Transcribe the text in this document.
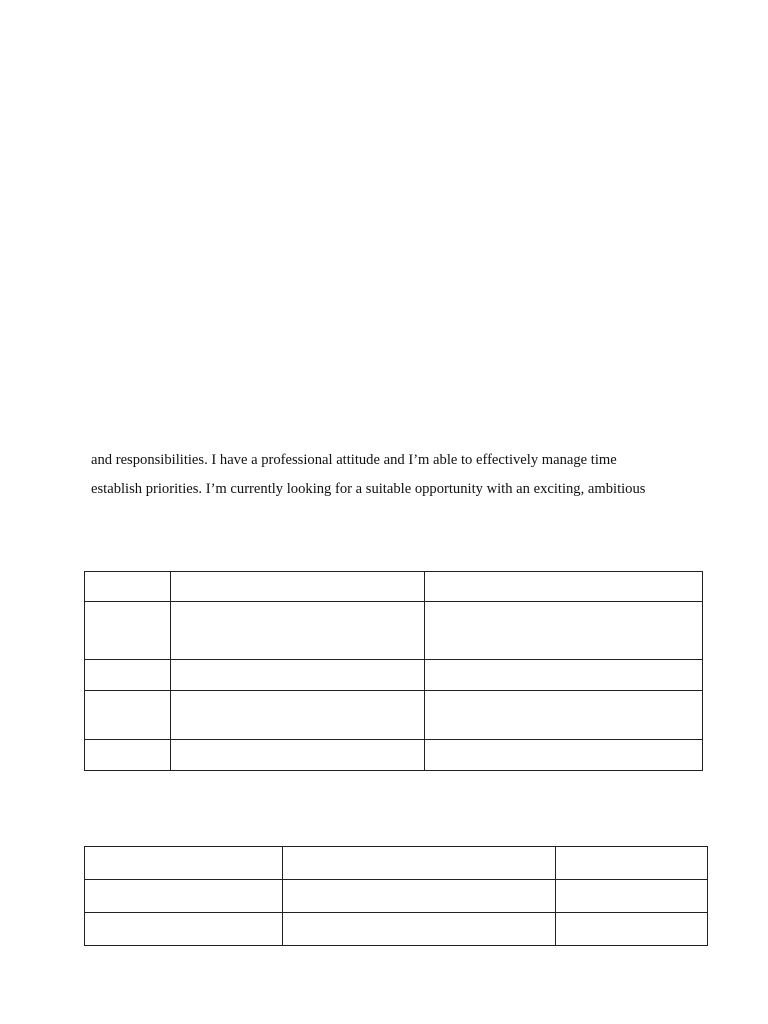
and responsibilities. I have a professional attitude and I’m able to effectively manage time
establish priorities. I’m currently looking for a suitable opportunity with an exciting, ambitious
